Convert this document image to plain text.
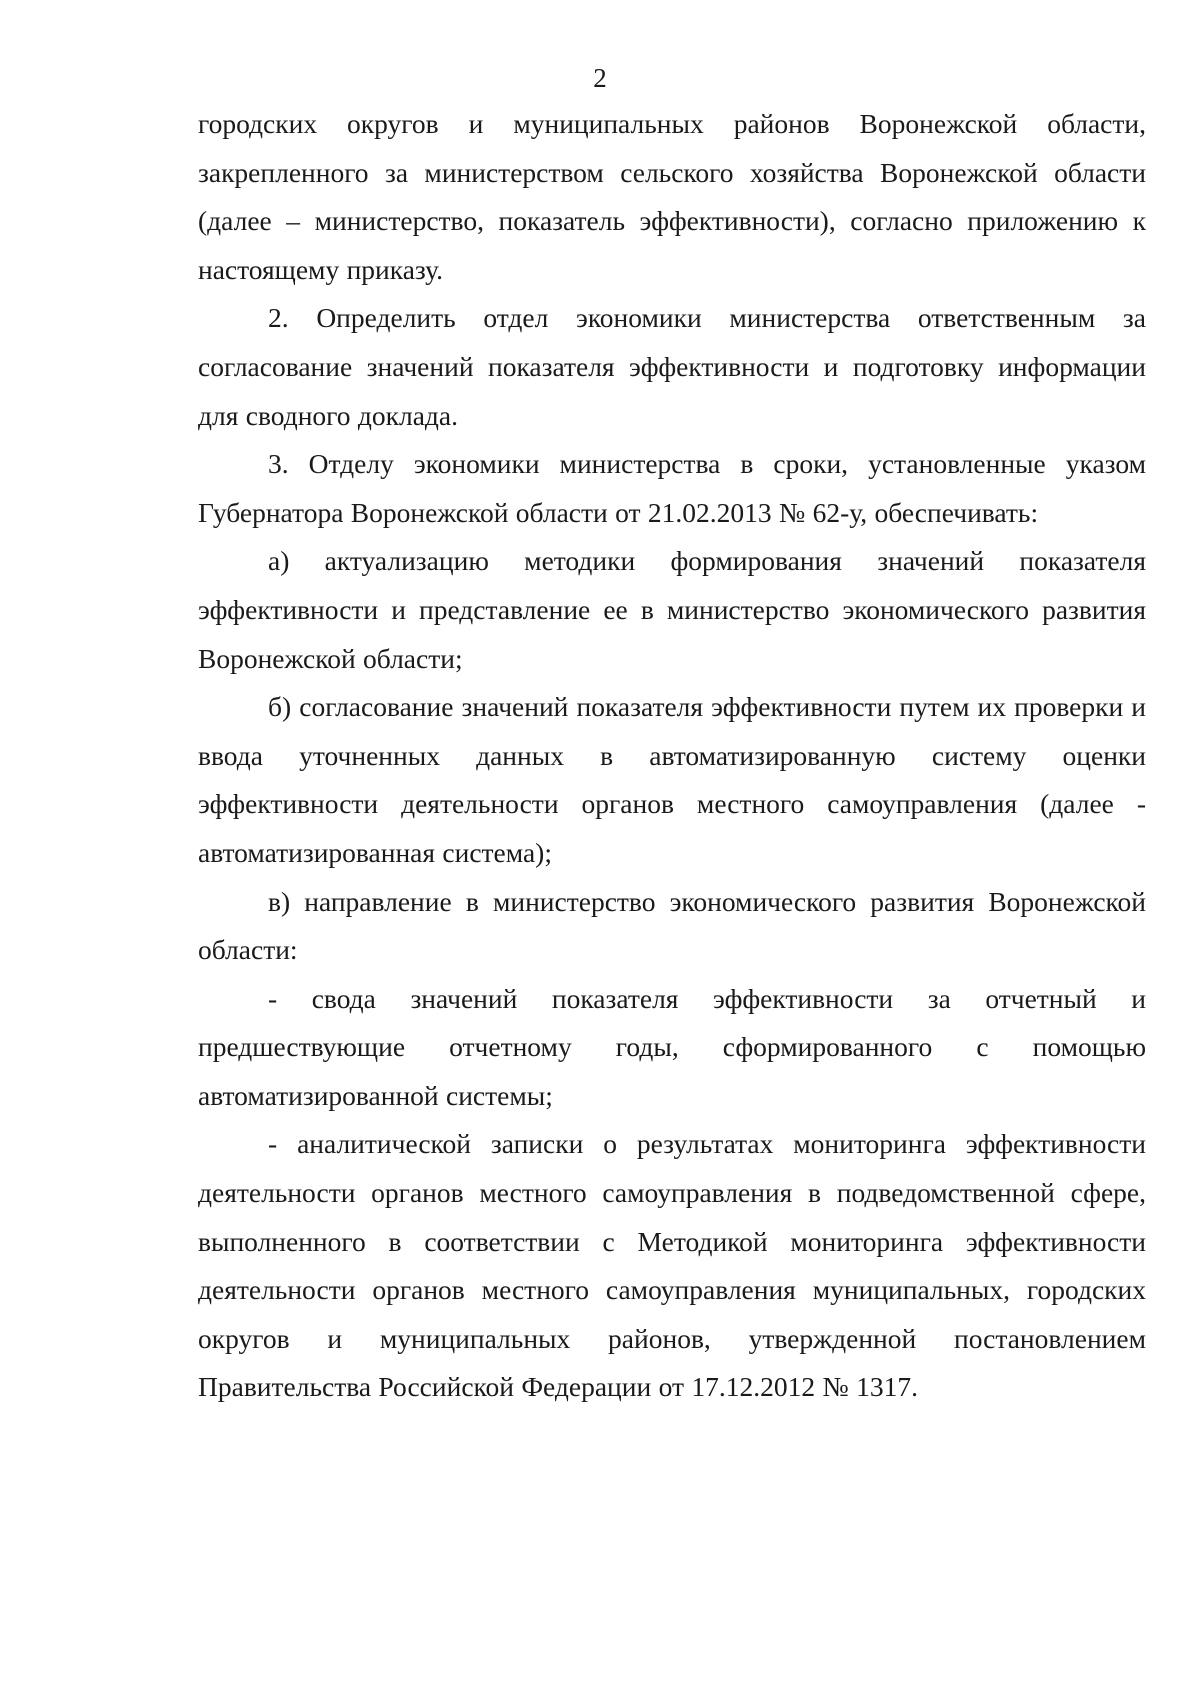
2

городских округов и муниципальных районов Воронежской области, закрепленного за министерством сельского хозяйства Воронежской области (далее – министерство, показатель эффективности), согласно приложению к настоящему приказу.

2. Определить отдел экономики министерства ответственным за согласование значений показателя эффективности и подготовку информации для сводного доклада.

3. Отделу экономики министерства в сроки, установленные указом Губернатора Воронежской области от 21.02.2013 № 62-у, обеспечивать:

а) актуализацию методики формирования значений показателя эффективности и представление ее в министерство экономического развития Воронежской области;

б) согласование значений показателя эффективности путем их проверки и ввода уточненных данных в автоматизированную систему оценки эффективности деятельности органов местного самоуправления (далее - автоматизированная система);

в) направление в министерство экономического развития Воронежской области:

- свода значений показателя эффективности за отчетный и предшествующие отчетному годы, сформированного с помощью автоматизированной системы;

- аналитической записки о результатах мониторинга эффективности деятельности органов местного самоуправления в подведомственной сфере, выполненного в соответствии с Методикой мониторинга эффективности деятельности органов местного самоуправления муниципальных, городских округов и муниципальных районов, утвержденной постановлением Правительства Российской Федерации от 17.12.2012 № 1317.
